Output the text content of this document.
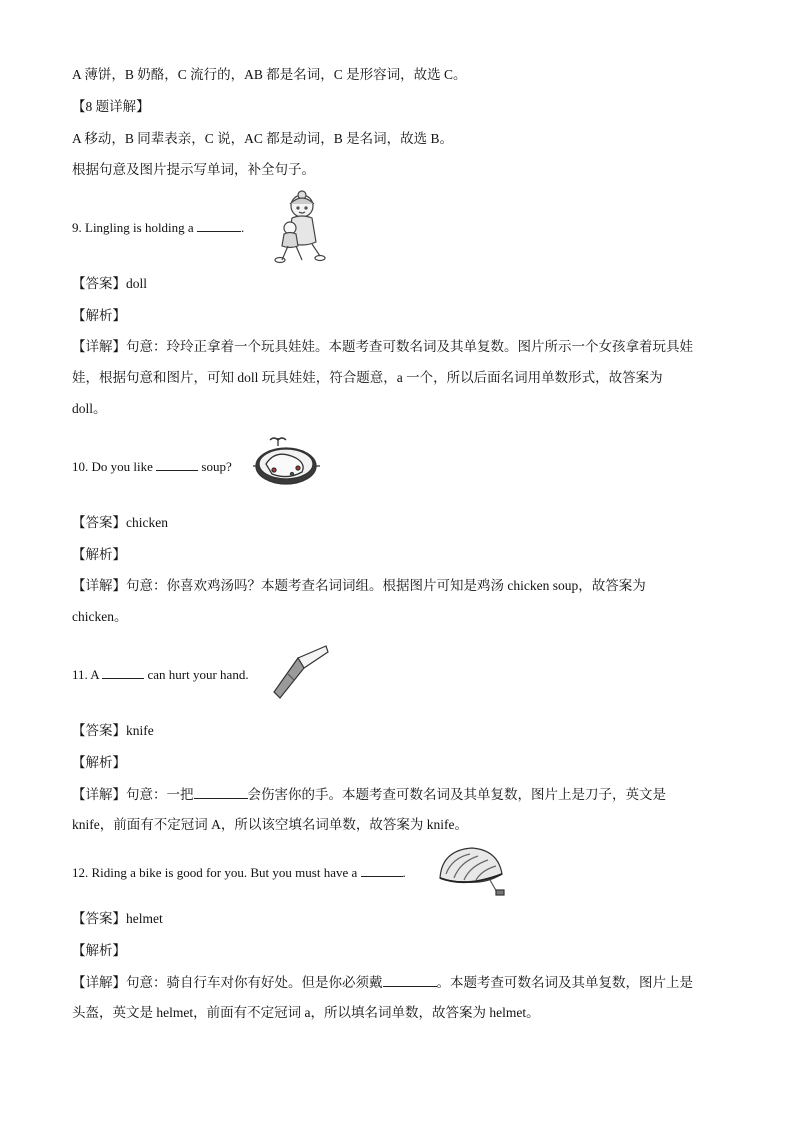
A 薄饼，B 奶酪，C 流行的，AB 都是名词，C 是形容词，故选 C。
【8 题详解】
A 移动，B 同辈表亲，C 说，AC 都是动词，B 是名词，故选 B。
根据句意及图片提示写单词，补全句子。
9. Lingling is holding a	.
【答案】doll
【解析】
【详解】句意：玲玲正拿着一个玩具娃娃。本题考查可数名词及其单复数。图片所示一个女孩拿着玩具娃
娃，根据句意和图片，可知 doll 玩具娃娃，符合题意，a 一个，所以后面名词用单数形式，故答案为
doll。
10. Do you like	soup?
【答案】chicken
【解析】
【详解】句意：你喜欢鸡汤吗？本题考查名词词组。根据图片可知是鸡汤 chicken soup，故答案为
chicken。
11. A	can hurt your hand.
【答案】knife
【解析】
【详解】句意：一把	会伤害你的手。本题考查可数名词及其单复数，图片上是刀子，英文是
knife，前面有不定冠词 A，所以该空填名词单数，故答案为 knife。
12. Riding a bike is good for you. But you must have a	.
【答案】helmet
【解析】
【详解】句意：骑自行车对你有好处。但是你必须戴	。本题考查可数名词及其单复数，图片上是
头盔，英文是 helmet，前面有不定冠词 a，所以填名词单数，故答案为 helmet。
